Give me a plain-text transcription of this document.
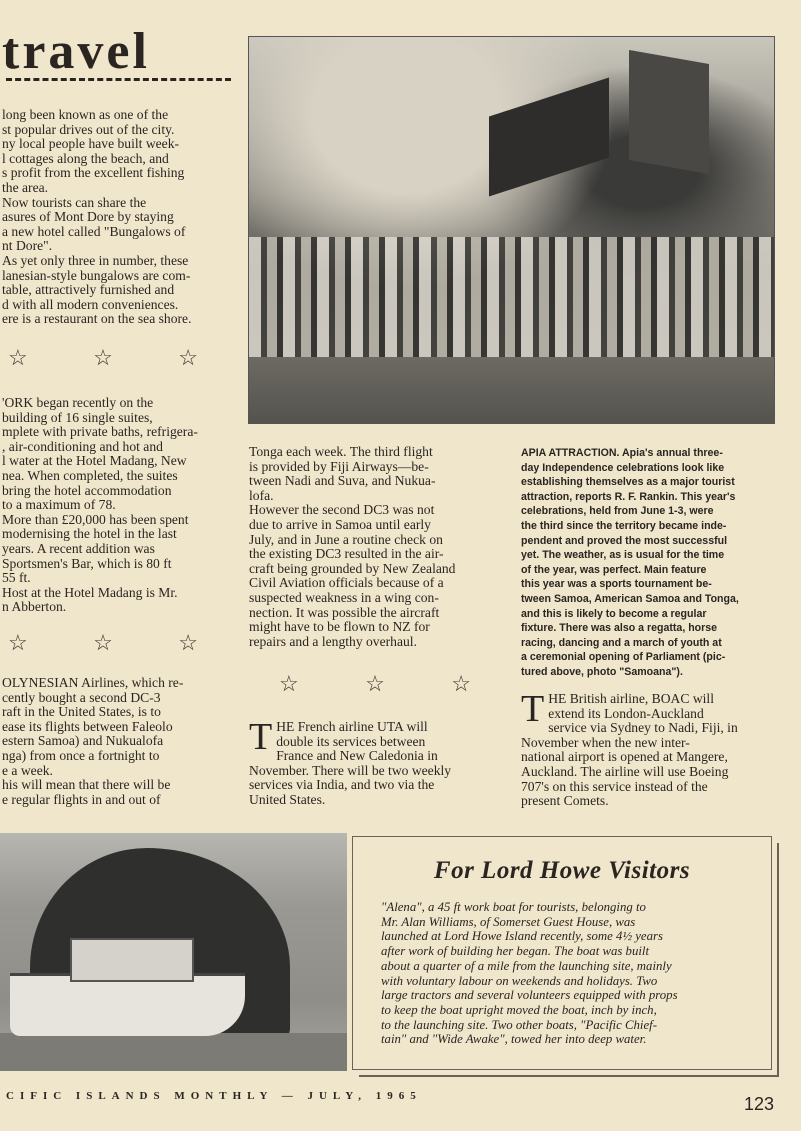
travel
long been known as one of the
st popular drives out of the city.
ny local people have built week-
l cottages along the beach, and
s profit from the excellent fishing
the area.
Now tourists can share the
asures of Mont Dore by staying
a new hotel called "Bungalows of
nt Dore".
As yet only three in number, these
lanesian-style bungalows are com-
table, attractively furnished and
d with all modern conveniences.
ere is a restaurant on the sea shore.
☆	☆	☆
'ORK began recently on the
building of 16 single suites,
mplete with private baths, refrigera-
, air-conditioning and hot and
l water at the Hotel Madang, New
nea. When completed, the suites
bring the hotel accommodation
to a maximum of 78.
More than £20,000 has been spent
modernising the hotel in the last
years. A recent addition was
Sportsmen's Bar, which is 80 ft
55 ft.
Host at the Hotel Madang is Mr.
n Abberton.
☆	☆	☆
OLYNESIAN Airlines, which re-
cently bought a second DC-3
raft in the United States, is to
ease its flights between Faleolo
estern Samoa) and Nukualofa
nga) from once a fortnight to
e a week.
his will mean that there will be
e regular flights in and out of
Tonga each week. The third flight
is provided by Fiji Airways—be-
tween Nadi and Suva, and Nukua-
lofa.
However the second DC3 was not
due to arrive in Samoa until early
July, and in June a routine check on
the existing DC3 resulted in the air-
craft being grounded by New Zealand
Civil Aviation officials because of a
suspected weakness in a wing con-
nection. It was possible the aircraft
might have to be flown to NZ for
repairs and a lengthy overhaul.
☆	☆	☆
T HE French airline UTA will
double its services between
France and New Caledonia in
November. There will be two weekly
services via India, and two via the
United States.
APIA ATTRACTION. Apia's annual three-
day Independence celebrations look like
establishing themselves as a major tourist
attraction, reports R. F. Rankin. This year's
celebrations, held from June 1-3, were
the third since the territory became inde-
pendent and proved the most successful
yet. The weather, as is usual for the time
of the year, was perfect. Main feature
this year was a sports tournament be-
tween Samoa, American Samoa and Tonga,
and this is likely to become a regular
fixture. There was also a regatta, horse
racing, dancing and a march of youth at
a ceremonial opening of Parliament (pic-
tured above, photo "Samoana").
T HE British airline, BOAC will
extend its London-Auckland
service via Sydney to Nadi, Fiji, in
November when the new inter-
national airport is opened at Mangere,
Auckland. The airline will use Boeing
707's on this service instead of the
present Comets.
For Lord Howe Visitors
"Alena", a 45 ft work boat for tourists, belonging to
Mr. Alan Williams, of Somerset Guest House, was
launched at Lord Howe Island recently, some 4½ years
after work of building her began. The boat was built
about a quarter of a mile from the launching site, mainly
with voluntary labour on weekends and holidays. Two
large tractors and several volunteers equipped with props
to keep the boat upright moved the boat, inch by inch,
to the launching site. Two other boats, "Pacific Chief-
tain" and "Wide Awake", towed her into deep water.
CIFIC ISLANDS MONTHLY — JULY, 1965	123
